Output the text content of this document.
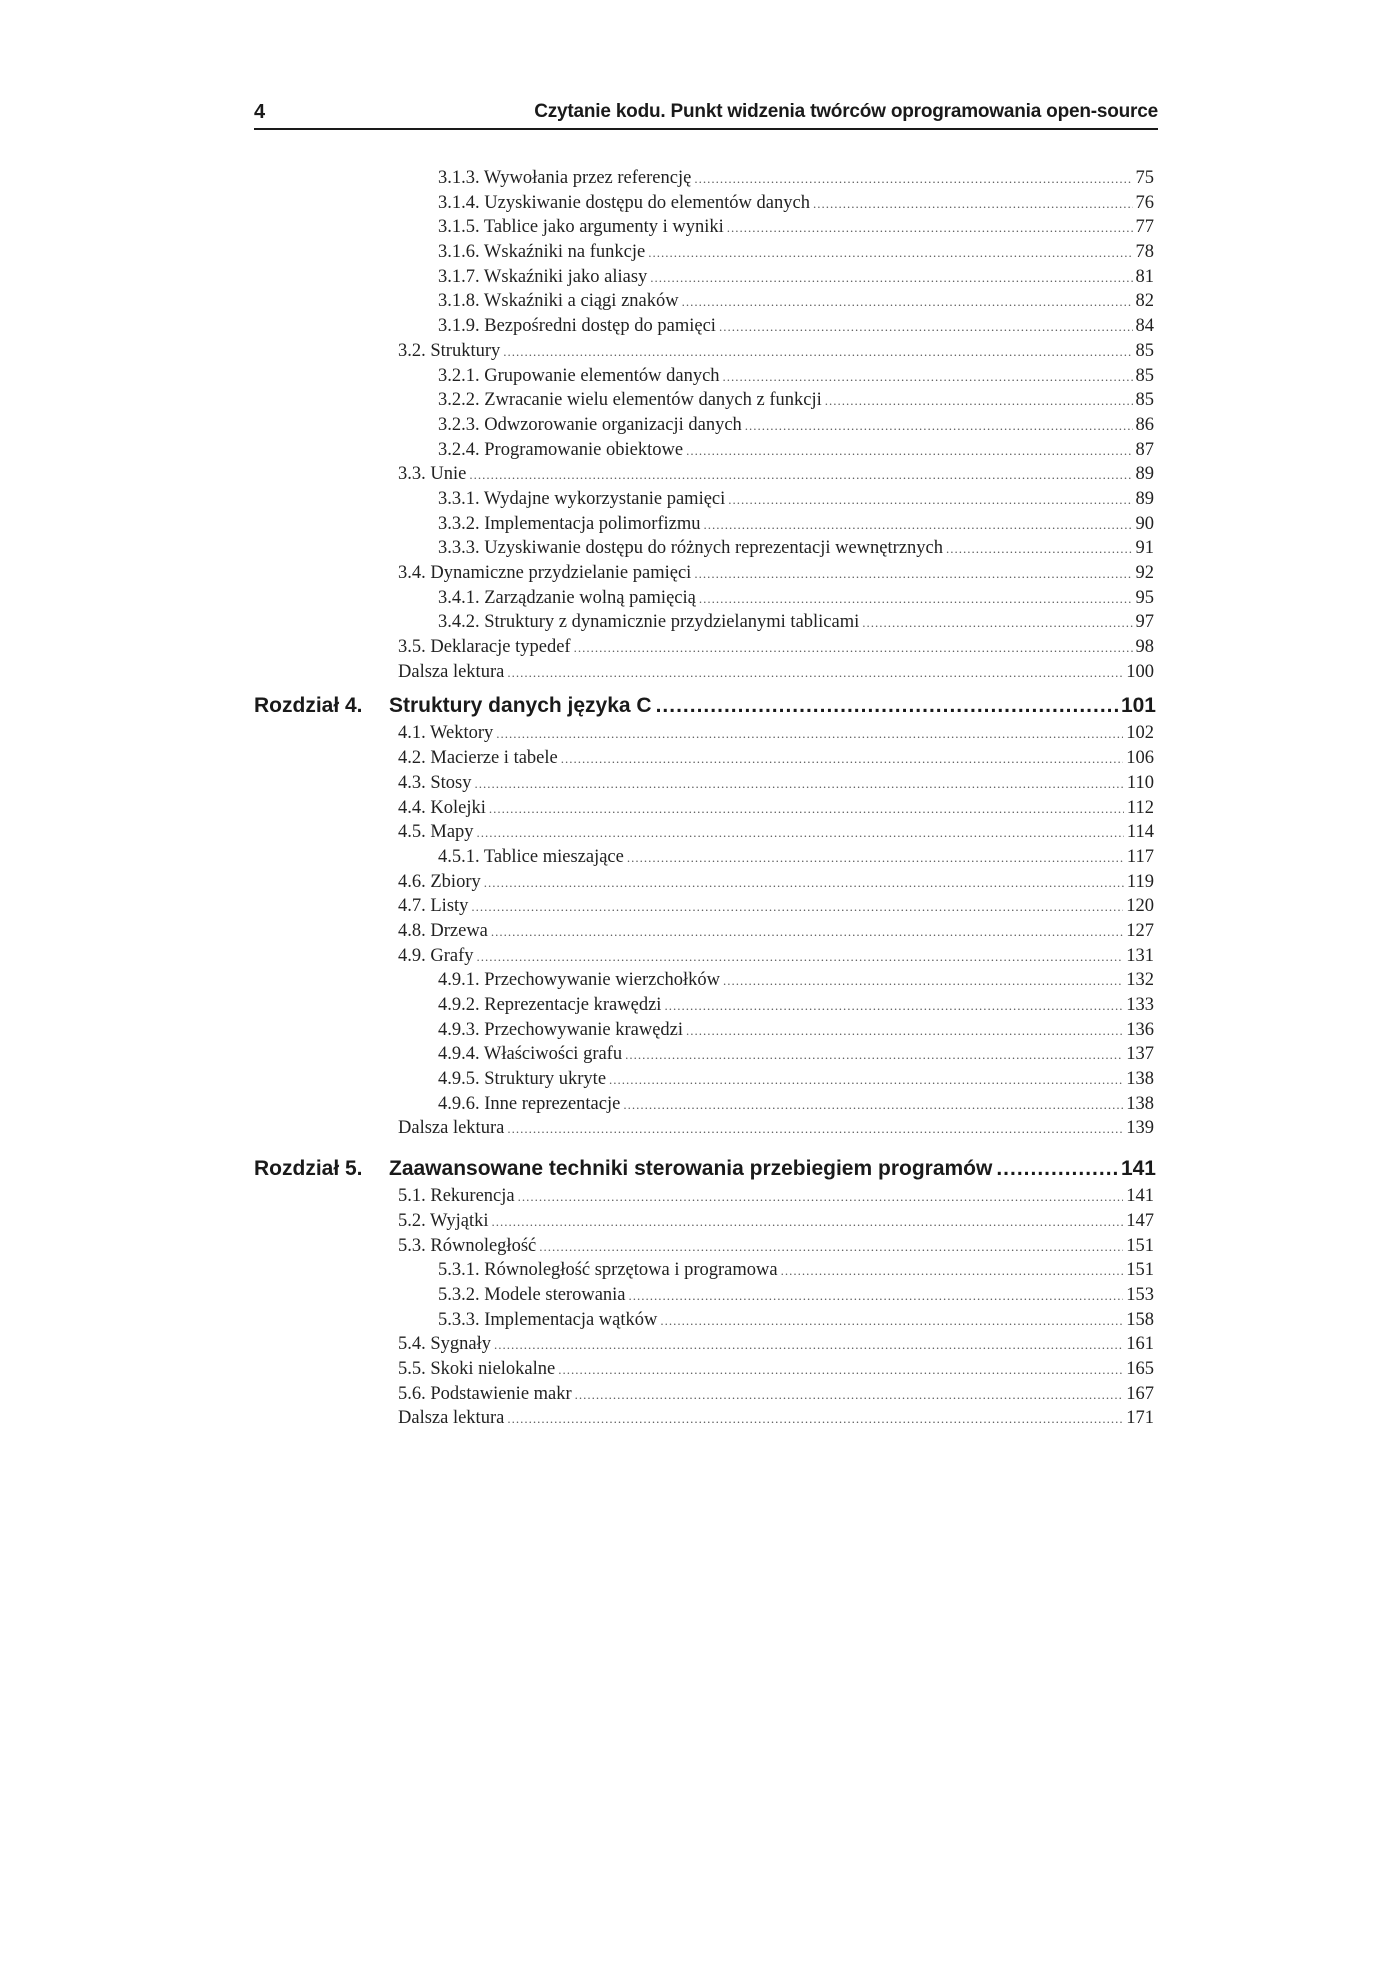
4	Czytanie kodu. Punkt widzenia twórców oprogramowania open-source
3.1.3. Wywołania przez referencję .....	75
3.1.4. Uzyskiwanie dostępu do elementów danych .....	76
3.1.5. Tablice jako argumenty i wyniki .....	77
3.1.6. Wskaźniki na funkcje .....	78
3.1.7. Wskaźniki jako aliasy .....	81
3.1.8. Wskaźniki a ciągi znaków .....	82
3.1.9. Bezpośredni dostęp do pamięci .....	84
3.2. Struktury .....	85
3.2.1. Grupowanie elementów danych .....	85
3.2.2. Zwracanie wielu elementów danych z funkcji .....	85
3.2.3. Odwzorowanie organizacji danych .....	86
3.2.4. Programowanie obiektowe .....	87
3.3. Unie .....	89
3.3.1. Wydajne wykorzystanie pamięci .....	89
3.3.2. Implementacja polimorfizmu .....	90
3.3.3. Uzyskiwanie dostępu do różnych reprezentacji wewnętrznych .....	91
3.4. Dynamiczne przydzielanie pamięci .....	92
3.4.1. Zarządzanie wolną pamięcią .....	95
3.4.2. Struktury z dynamicznie przydzielanymi tablicami .....	97
3.5. Deklaracje typedef .....	98
Dalsza lektura .....	100
Rozdział 4. Struktury danych języka C .....	101
4.1. Wektory .....	102
4.2. Macierze i tabele .....	106
4.3. Stosy .....	110
4.4. Kolejki .....	112
4.5. Mapy .....	114
4.5.1. Tablice mieszające .....	117
4.6. Zbiory .....	119
4.7. Listy .....	120
4.8. Drzewa .....	127
4.9. Grafy .....	131
4.9.1. Przechowywanie wierzchołków .....	132
4.9.2. Reprezentacje krawędzi .....	133
4.9.3. Przechowywanie krawędzi .....	136
4.9.4. Właściwości grafu .....	137
4.9.5. Struktury ukryte .....	138
4.9.6. Inne reprezentacje .....	138
Dalsza lektura .....	139
Rozdział 5. Zaawansowane techniki sterowania przebiegiem programów .....	141
5.1. Rekurencja .....	141
5.2. Wyjątki .....	147
5.3. Równoległość .....	151
5.3.1. Równoległość sprzętowa i programowa .....	151
5.3.2. Modele sterowania .....	153
5.3.3. Implementacja wątków .....	158
5.4. Sygnały .....	161
5.5. Skoki nielokalne .....	165
5.6. Podstawienie makr .....	167
Dalsza lektura .....	171
